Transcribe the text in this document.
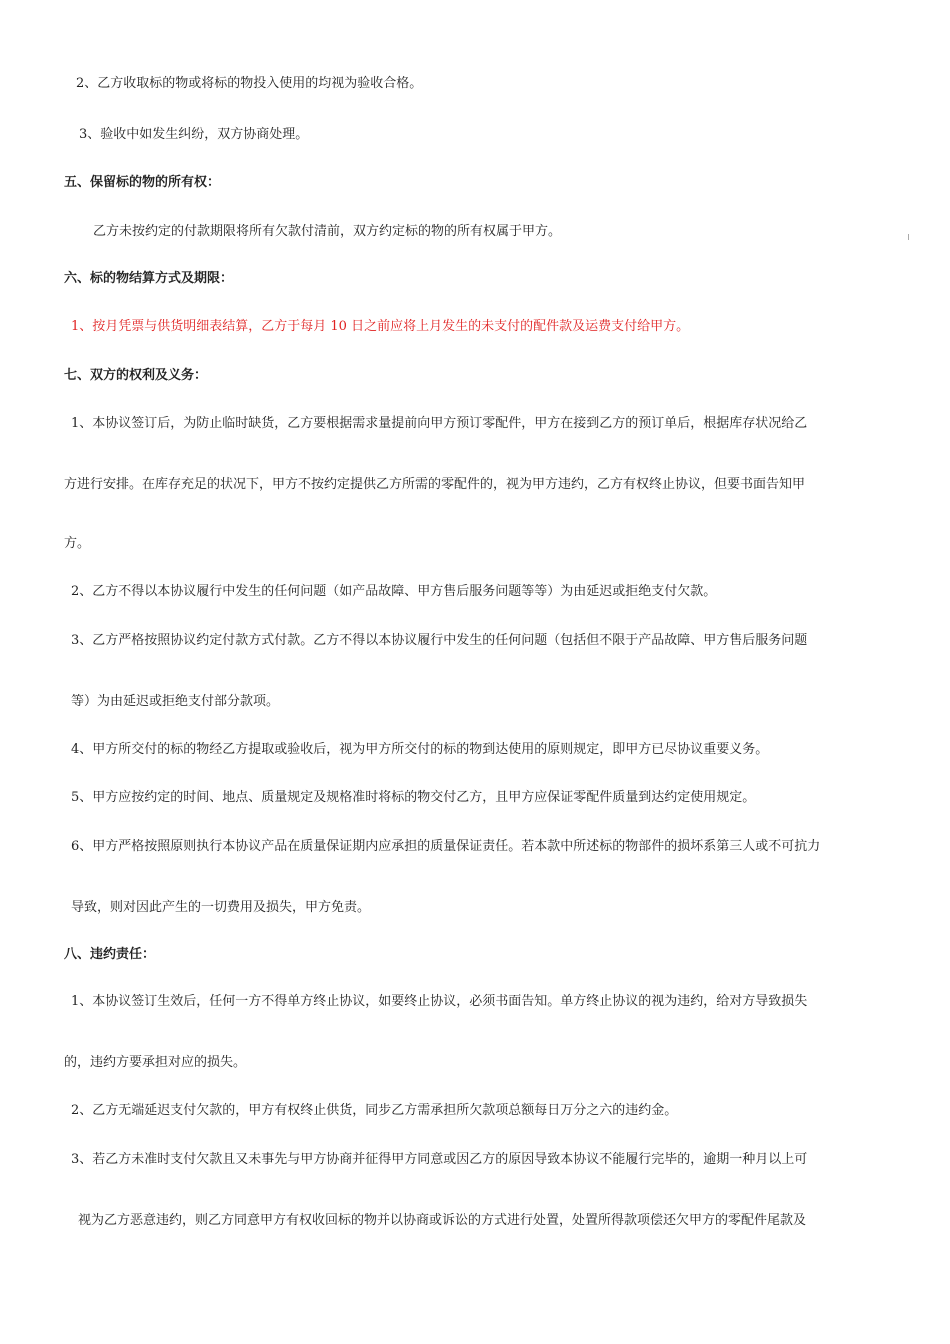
2、乙方收取标的物或将标的物投入使用的均视为验收合格。

3、验收中如发生纠纷，双方协商处理。

五、保留标的物的所有权：

乙方未按约定的付款期限将所有欠款付清前，双方约定标的物的所有权属于甲方。

六、标的物结算方式及期限：

1、按月凭票与供货明细表结算，乙方于每月 10 日之前应将上月发生的未支付的配件款及运费支付给甲方。

七、双方的权利及义务：

1、本协议签订后，为防止临时缺货，乙方要根据需求量提前向甲方预订零配件，甲方在接到乙方的预订单后，根据库存状况给乙

方进行安排。在库存充足的状况下，甲方不按约定提供乙方所需的零配件的，视为甲方违约，乙方有权终止协议，但要书面告知甲

方。

2、乙方不得以本协议履行中发生的任何问题（如产品故障、甲方售后服务问题等等）为由延迟或拒绝支付欠款。

3、乙方严格按照协议约定付款方式付款。乙方不得以本协议履行中发生的任何问题（包括但不限于产品故障、甲方售后服务问题

等）为由延迟或拒绝支付部分款项。

4、甲方所交付的标的物经乙方提取或验收后，视为甲方所交付的标的物到达使用的原则规定，即甲方已尽协议重要义务。

5、甲方应按约定的时间、地点、质量规定及规格准时将标的物交付乙方，且甲方应保证零配件质量到达约定使用规定。

6、甲方严格按照原则执行本协议产品在质量保证期内应承担的质量保证责任。若本款中所述标的物部件的损坏系第三人或不可抗力

导致，则对因此产生的一切费用及损失，甲方免责。

八、违约责任：

1、本协议签订生效后，任何一方不得单方终止协议，如要终止协议，必须书面告知。单方终止协议的视为违约，给对方导致损失

的，违约方要承担对应的损失。

2、乙方无端延迟支付欠款的，甲方有权终止供货，同步乙方需承担所欠款项总额每日万分之六的违约金。

3、若乙方未准时支付欠款且又未事先与甲方协商并征得甲方同意或因乙方的原因导致本协议不能履行完毕的，逾期一种月以上可

视为乙方恶意违约，则乙方同意甲方有权收回标的物并以协商或诉讼的方式进行处置，处置所得款项偿还欠甲方的零配件尾款及
